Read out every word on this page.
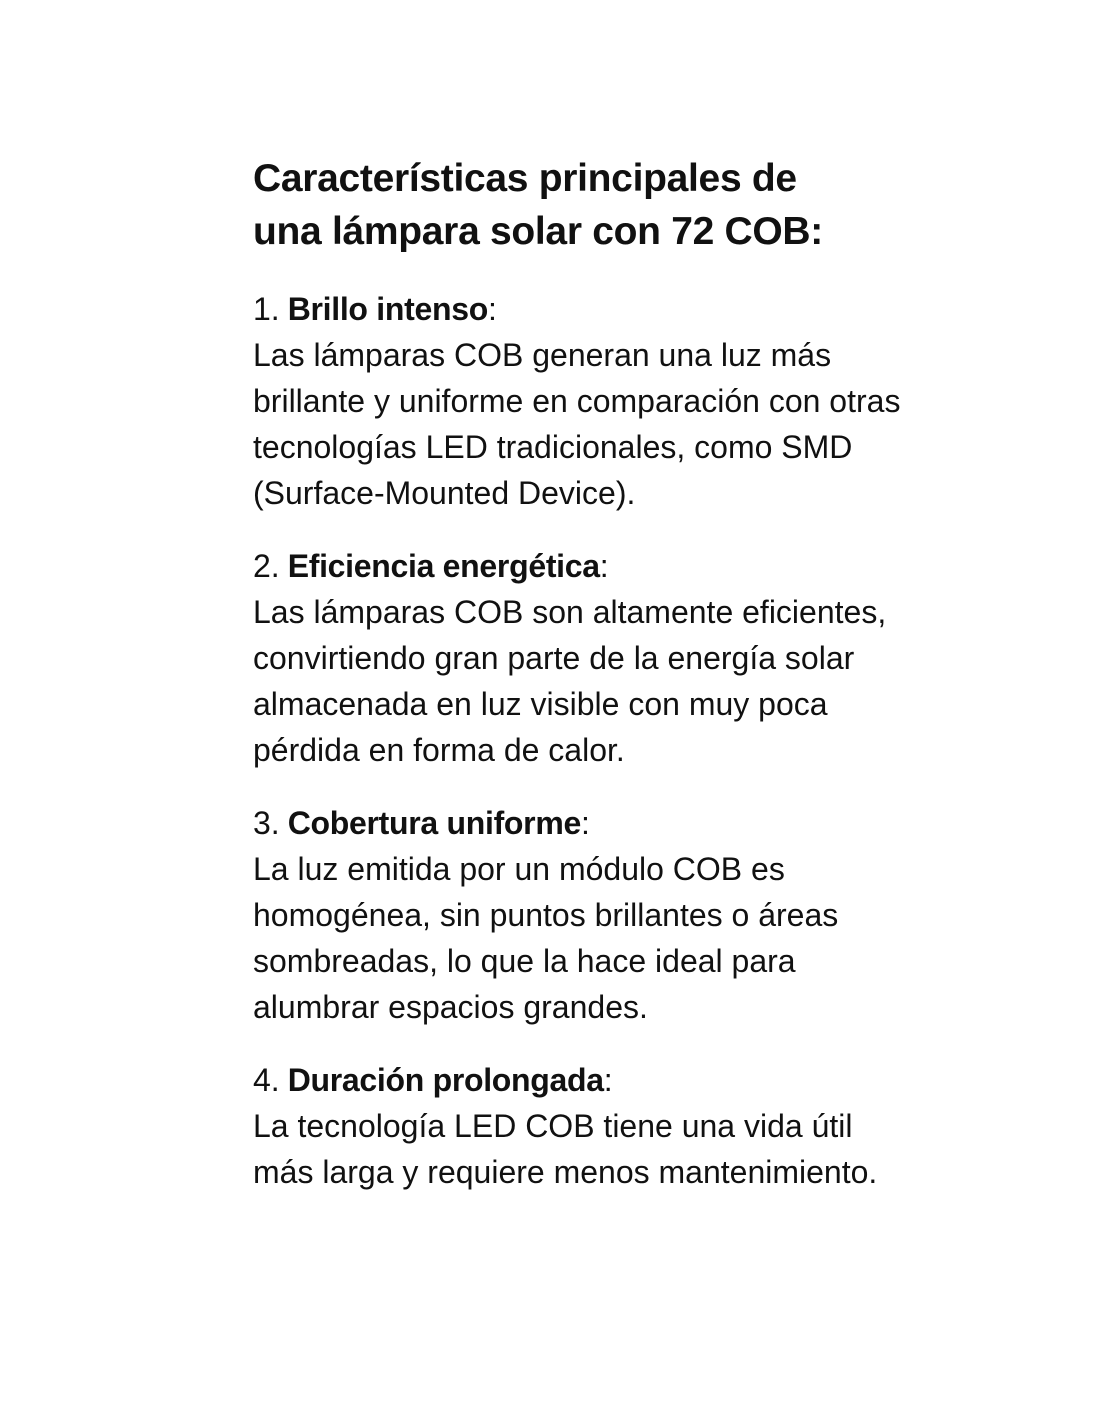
Características principales de una lámpara solar con 72 COB:
1. Brillo intenso:

Las lámparas COB generan una luz más brillante y uniforme en comparación con otras tecnologías LED tradicionales, como SMD (Surface-Mounted Device).

2. Eficiencia energética:

Las lámparas COB son altamente eficientes, convirtiendo gran parte de la energía solar almacenada en luz visible con muy poca pérdida en forma de calor.

3. Cobertura uniforme:

La luz emitida por un módulo COB es homogénea, sin puntos brillantes o áreas sombreadas, lo que la hace ideal para alumbrar espacios grandes.

4. Duración prolongada:

La tecnología LED COB tiene una vida útil más larga y requiere menos mantenimiento.
